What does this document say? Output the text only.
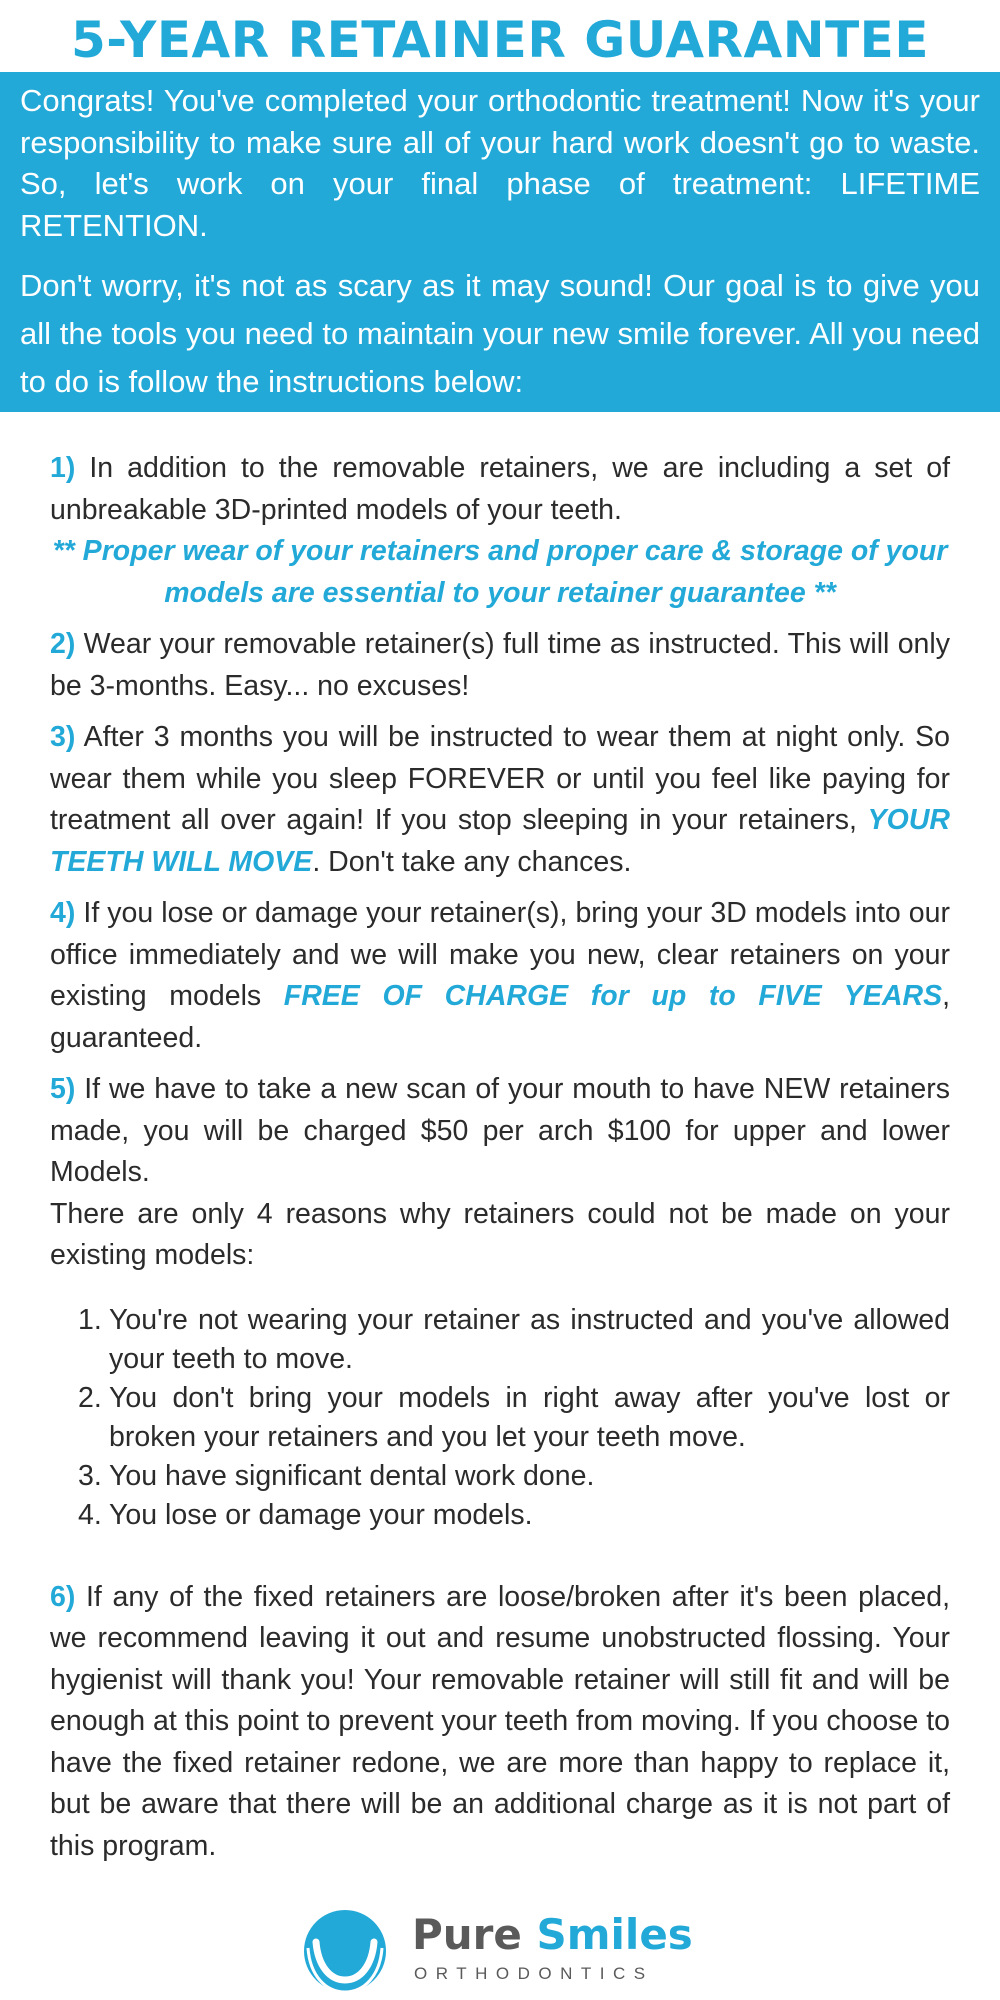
5-YEAR RETAINER GUARANTEE

Congrats! You've completed your orthodontic treatment! Now it's your responsibility to make sure all of your hard work doesn't go to waste. So, let's work on your final phase of treatment: LIFETIME RETENTION.

Don't worry, it's not as scary as it may sound! Our goal is to give you all the tools you need to maintain your new smile forever. All you need to do is follow the instructions below:

1) In addition to the removable retainers, we are including a set of unbreakable 3D-printed models of your teeth.

** Proper wear of your retainers and proper care & storage of your models are essential to your retainer guarantee **

2) Wear your removable retainer(s) full time as instructed. This will only be 3-months. Easy... no excuses!

3) After 3 months you will be instructed to wear them at night only. So wear them while you sleep FOREVER or until you feel like paying for treatment all over again! If you stop sleeping in your retainers, YOUR TEETH WILL MOVE. Don't take any chances.

4) If you lose or damage your retainer(s), bring your 3D models into our office immediately and we will make you new, clear retainers on your existing models FREE OF CHARGE for up to FIVE YEARS, guaranteed.

5) If we have to take a new scan of your mouth to have NEW retainers made, you will be charged $50 per arch $100 for upper and lower Models.

There are only 4 reasons why retainers could not be made on your existing models:

1. You're not wearing your retainer as instructed and you've allowed your teeth to move.
2. You don't bring your models in right away after you've lost or broken your retainers and you let your teeth move.
3. You have significant dental work done.
4. You lose or damage your models.

6) If any of the fixed retainers are loose/broken after it's been placed, we recommend leaving it out and resume unobstructed flossing. Your hygienist will thank you! Your removable retainer will still fit and will be enough at this point to prevent your teeth from moving. If you choose to have the fixed retainer redone, we are more than happy to replace it, but be aware that there will be an additional charge as it is not part of this program.

Pure Smiles
ORTHODONTICS
